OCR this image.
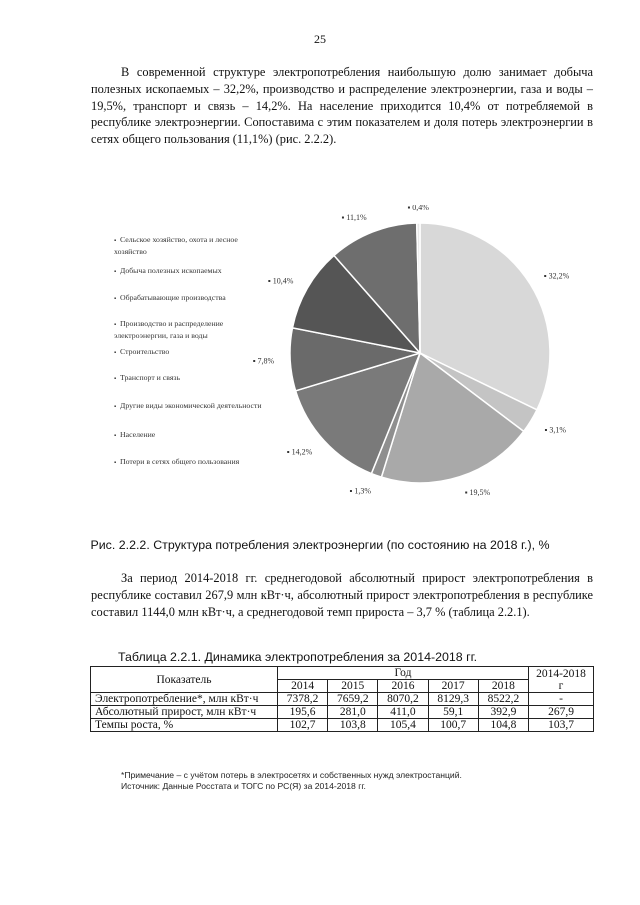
25

В современной структуре электропотребления наибольшую долю занимает добыча полезных ископаемых – 32,2%, производство и распределение электроэнергии, газа и воды – 19,5%, транспорт и связь – 14,2%. На население приходится 10,4% от потребляемой в республике электроэнергии. Сопоставима с этим показателем и доля потерь электроэнергии в сетях общего пользования (11,1%) (рис. 2.2.2).

▪ 32,2%
▪ 3,1%
▪ 19,5%
▪ 1,3%
▪ 14,2%
▪ 7,8%
▪ 10,4%
▪ 11,1%
▪ 0,4%
▪ Сельское хозяйство, охота и лесное хозяйство
▪ Добыча полезных ископаемых
▪ Обрабатывающие производства
▪ Производство и распределение электроэнергии, газа и воды
▪ Строительство
▪ Транспорт и связь
▪ Другие виды экономической деятельности
▪ Население
▪ Потери в сетях общего пользования
Рис. 2.2.2. Структура потребления электроэнергии (по состоянию на 2018 г.), %

За период 2014-2018 гг. среднегодовой абсолютный прирост электропотребления в республике составил 267,9 млн кВт·ч, абсолютный прирост электропотребления в республике составил 1144,0 млн кВт·ч, а среднегодовой темп прироста – 3,7 % (таблица 2.2.1).

Таблица 2.2.1. Динамика электропотребления за 2014-2018 гг.
Показатель	Год					2014-2018 г
	2014	2015	2016	2017	2018	
Электропотребление*, млн кВт·ч	7378,2	7659,2	8070,2	8129,3	8522,2	-
Абсолютный прирост, млн кВт·ч	195,6	281,0	411,0	59,1	392,9	267,9
Темпы роста, %	102,7	103,8	105,4	100,7	104,8	103,7
*Примечание – с учётом потерь в электросетях и собственных нужд электростанций.
Источник: Данные Росстата и ТОГС по РС(Я) за 2014-2018 гг.
